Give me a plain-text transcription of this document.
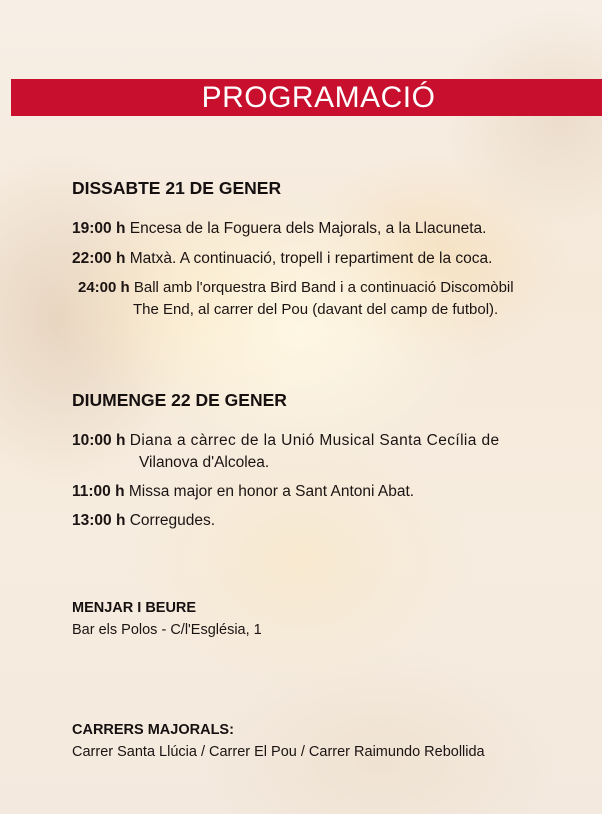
PROGRAMACIÓ
DISSABTE 21 DE GENER
19:00 h Encesa de la Foguera dels Majorals, a la Llacuneta.
22:00 h Matxà. A continuació, tropell i repartiment de la coca.
24:00 h Ball amb l'orquestra Bird Band i a continuació Discomòbil
The End, al carrer del Pou (davant del camp de futbol).
DIUMENGE 22 DE GENER
10:00 h Diana a càrrec de la Unió Musical Santa Cecília de
Vilanova d'Alcolea.
11:00 h Missa major en honor a Sant Antoni Abat.
13:00 h Corregudes.
MENJAR I BEURE
Bar els Polos - C/l'Església, 1
CARRERS MAJORALS:
Carrer Santa Llúcia / Carrer El Pou / Carrer Raimundo Rebollida
